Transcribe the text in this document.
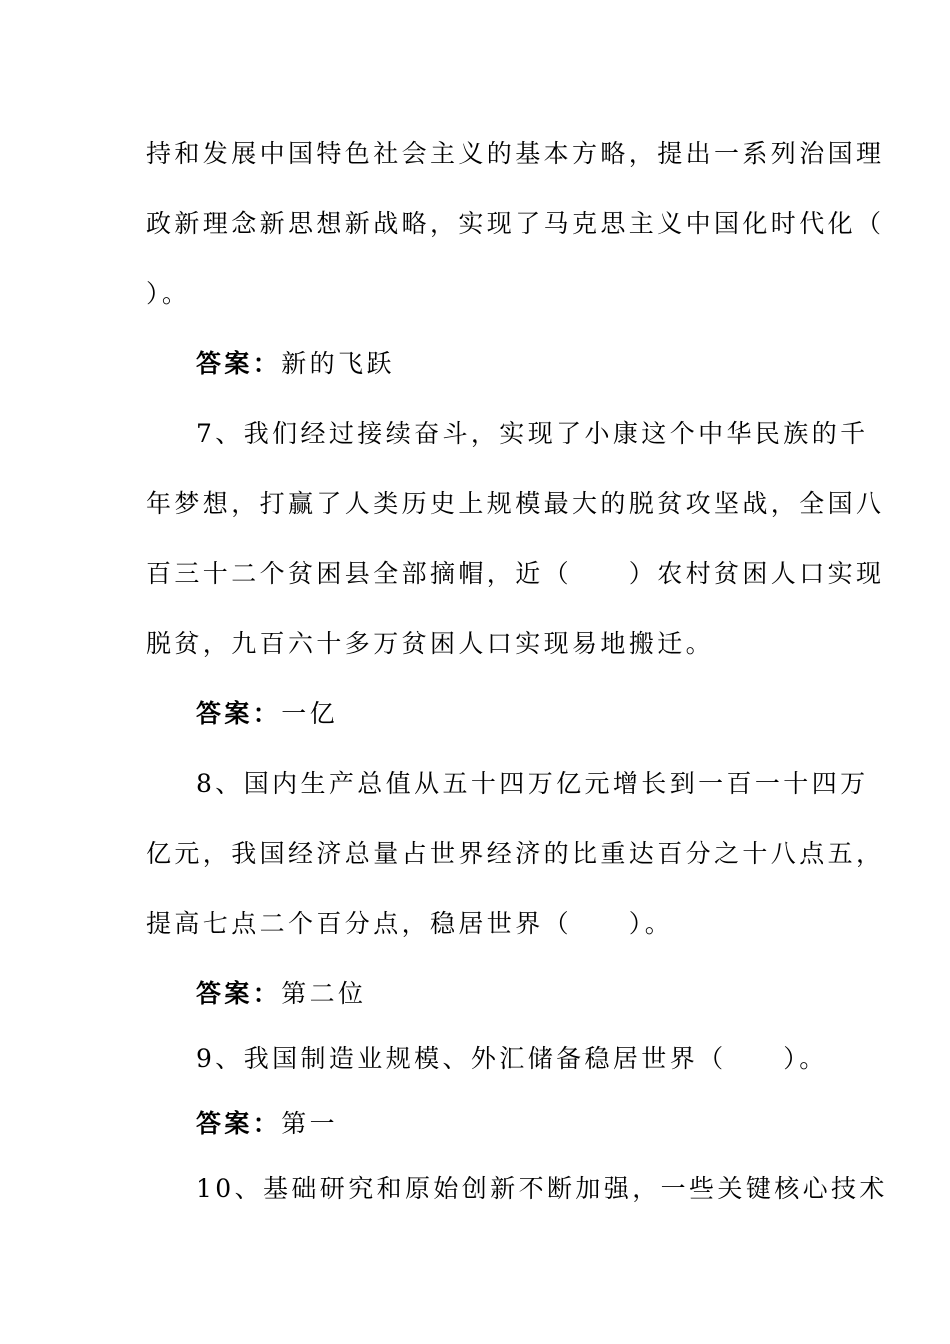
持和发展中国特色社会主义的基本方略，提出一系列治国理
政新理念新思想新战略，实现了马克思主义中国化时代化（
）。
答案：新的飞跃
7、我们经过接续奋斗，实现了小康这个中华民族的千
年梦想，打赢了人类历史上规模最大的脱贫攻坚战，全国八
百三十二个贫困县全部摘帽，近（　　）农村贫困人口实现
脱贫，九百六十多万贫困人口实现易地搬迁。
答案：一亿
8、国内生产总值从五十四万亿元增长到一百一十四万
亿元，我国经济总量占世界经济的比重达百分之十八点五，
提高七点二个百分点，稳居世界（　　）。
答案：第二位
9、我国制造业规模、外汇储备稳居世界（　　）。
答案：第一
10、基础研究和原始创新不断加强，一些关键核心技术
